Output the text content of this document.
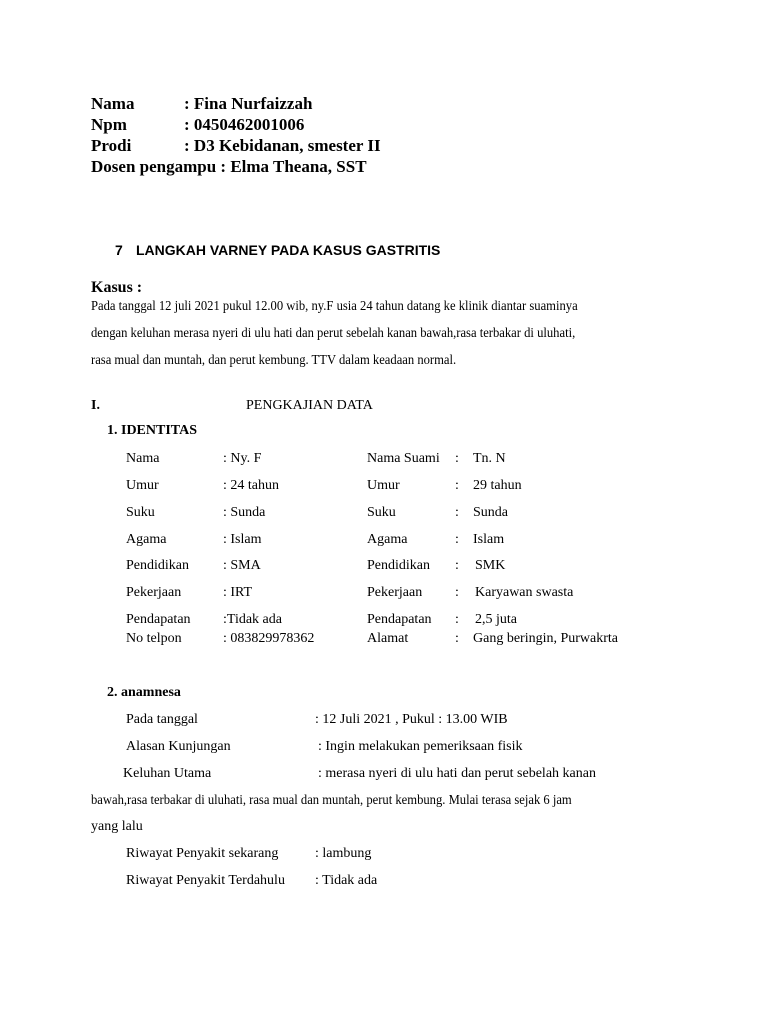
Nama	: Fina Nurfaizzah
Npm	: 0450462001006
Prodi	: D3 Kebidanan, smester II
Dosen pengampu : Elma Theana, SST
7 LANGKAH VARNEY PADA KASUS GASTRITIS
Kasus :
Pada tanggal 12 juli 2021 pukul 12.00 wib, ny.F usia 24 tahun datang ke klinik diantar suaminya
dengan keluhan merasa nyeri di ulu hati dan perut sebelah kanan bawah,rasa terbakar di uluhati,
rasa mual dan muntah, dan perut kembung. TTV dalam keadaan normal.
I.	PENGKAJIAN DATA
1. IDENTITAS
Nama	: Ny. F	Nama Suami : Tn. N
Umur	: 24 tahun	Umur	: 29 tahun
Suku	: Sunda	Suku	: Sunda
Agama	: Islam	Agama	: Islam
Pendidikan : SMA	Pendidikan : SMK
Pekerjaan	: IRT	Pekerjaan : Karyawan swasta
Pendapatan :Tidak ada	Pendapatan : 2,5 juta
No telpon	: 083829978362	Alamat	: Gang beringin, Purwakrta
2. anamnesa
Pada tanggal	: 12 Juli 2021 , Pukul : 13.00 WIB
Alasan Kunjungan	: Ingin melakukan pemeriksaan fisik
Keluhan Utama	: merasa nyeri di ulu hati dan perut sebelah kanan
bawah,rasa terbakar di uluhati, rasa mual dan muntah, perut kembung. Mulai terasa sejak 6 jam
yang lalu
Riwayat Penyakit sekarang	: lambung
Riwayat Penyakit Terdahulu : Tidak ada
